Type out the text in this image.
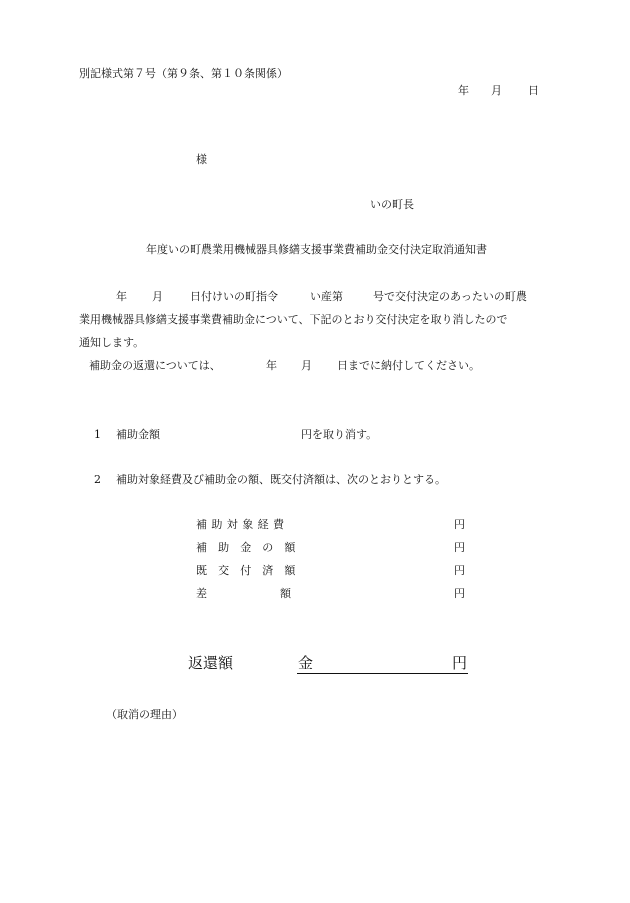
別記様式第７号（第９条、第１０条関係）

年 月 日
様
いの町長

年度いの町農業用機械器具修繕支援事業費補助金交付決定取消通知書

年 月 日付けいの町指令	い産第	号で交付決定のあったいの町農

業用機械器具修繕支援事業費補助金について、下記のとおり交付決定を取り消したので

通知します。

補助金の返還については、	年 月 日までに納付してください。
1 補助金額	円を取り消す。
2 補助対象経費及び補助金の額、既交付済額は、次のとおりとする。
補助対象経費	円
補助金の額	円
既交付済額	円
差額	円
返還額	金	円
（取消の理由）
